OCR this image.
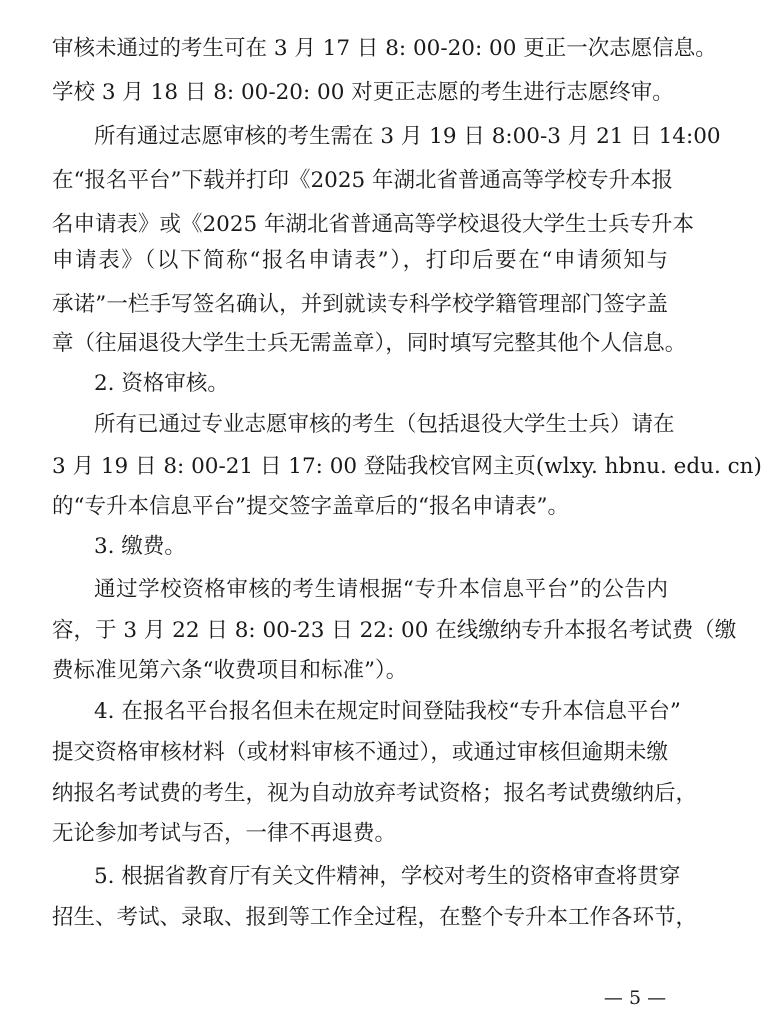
审核未通过的考生可在 3 月 17 日 8: 00-20: 00 更正一次志愿信息。
学校 3 月 18 日 8: 00-20: 00 对更正志愿的考生进行志愿终审。
所有通过志愿审核的考生需在 3 月 19 日 8:00-3 月 21 日 14:00
在“报名平台”下载并打印《2025 年湖北省普通高等学校专升本报
名申请表》或《2025 年湖北省普通高等学校退役大学生士兵专升本
申请表》（以下简称“报名申请表”），打印后要在“申请须知与
承诺”一栏手写签名确认，并到就读专科学校学籍管理部门签字盖
章（往届退役大学生士兵无需盖章），同时填写完整其他个人信息。
2. 资格审核。
所有已通过专业志愿审核的考生（包括退役大学生士兵）请在
3 月 19 日 8: 00-21 日 17: 00 登陆我校官网主页(wlxy. hbnu. edu. cn)
的“专升本信息平台”提交签字盖章后的“报名申请表”。
3. 缴费。
通过学校资格审核的考生请根据“专升本信息平台”的公告内
容，于 3 月 22 日 8: 00-23 日 22: 00 在线缴纳专升本报名考试费（缴
费标准见第六条“收费项目和标准”）。
4. 在报名平台报名但未在规定时间登陆我校“专升本信息平台”
提交资格审核材料（或材料审核不通过），或通过审核但逾期未缴
纳报名考试费的考生，视为自动放弃考试资格；报名考试费缴纳后，
无论参加考试与否，一律不再退费。
5. 根据省教育厅有关文件精神，学校对考生的资格审查将贯穿
招生、考试、录取、报到等工作全过程，在整个专升本工作各环节，
— 5 —
